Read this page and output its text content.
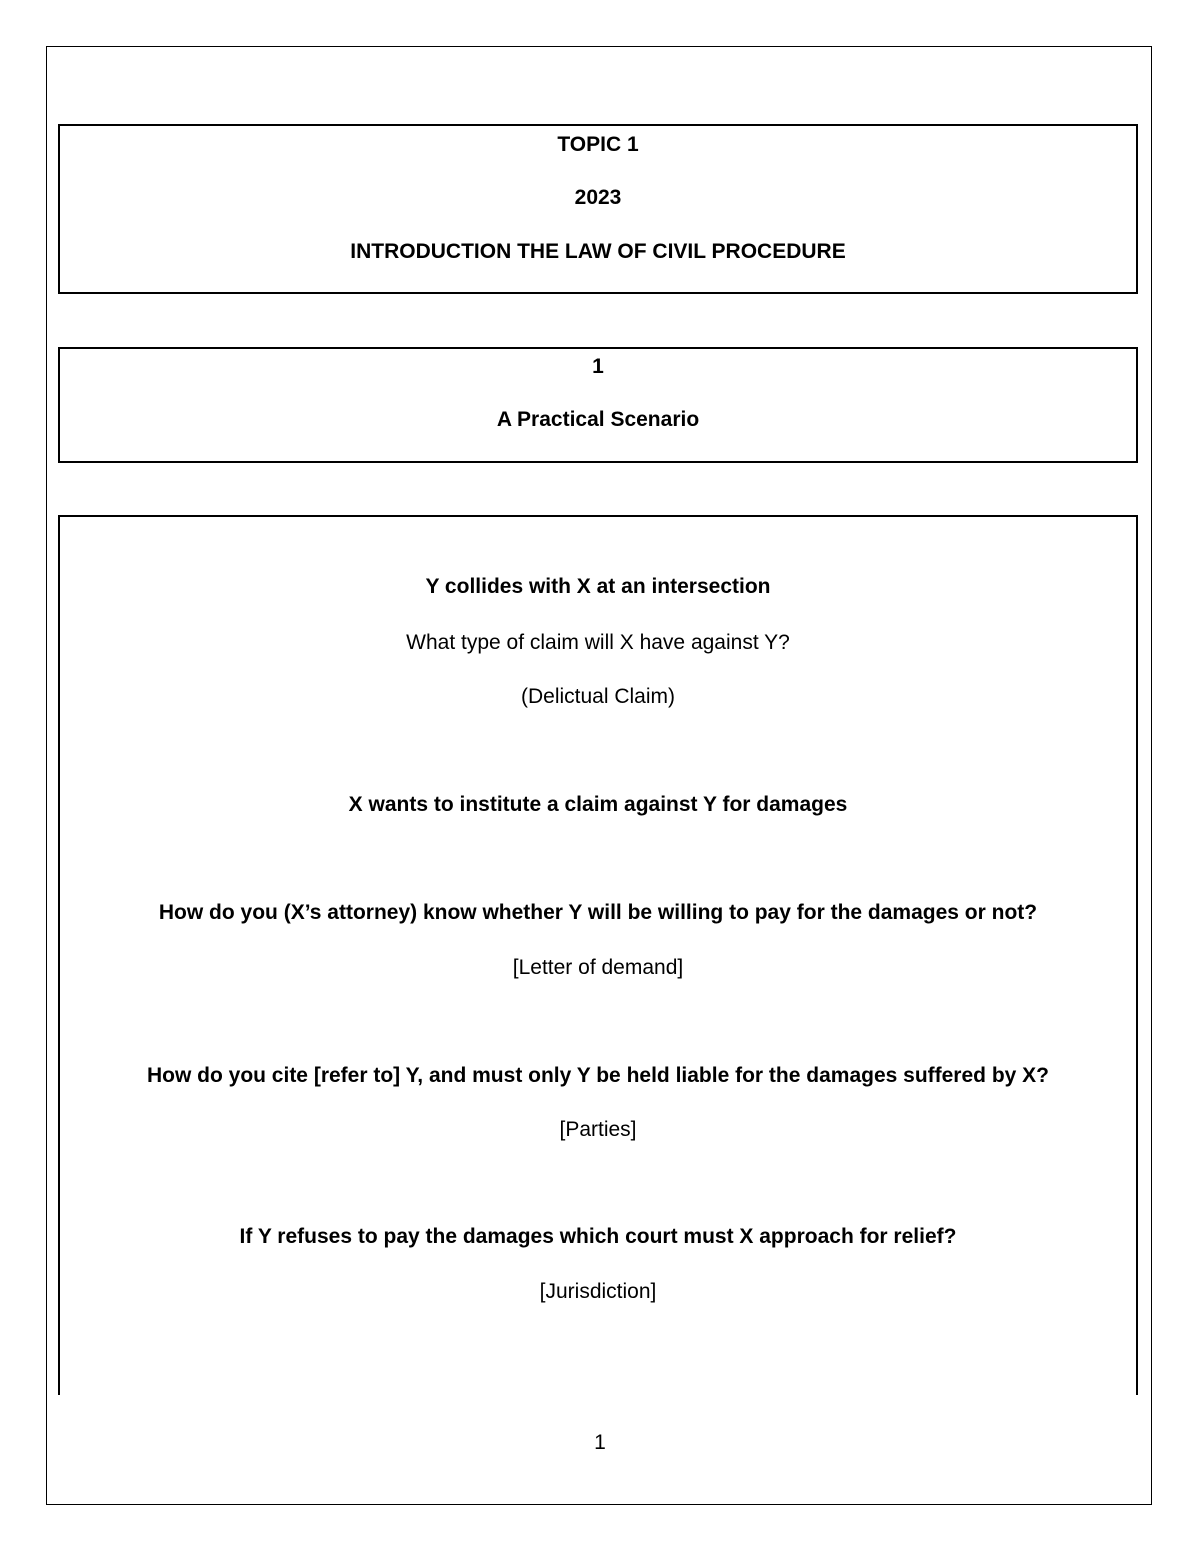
TOPIC 1
2023
INTRODUCTION THE LAW OF CIVIL PROCEDURE
1
A Practical Scenario
Y collides with X at an intersection
What type of claim will X have against Y?
(Delictual Claim)
X wants to institute a claim against Y for damages
How do you (X’s attorney) know whether Y will be willing to pay for the damages or not?
[Letter of demand]
How do you cite [refer to] Y, and must only Y be held liable for the damages suffered by X?
[Parties]
If Y refuses to pay the damages which court must X approach for relief?
[Jurisdiction]
1
